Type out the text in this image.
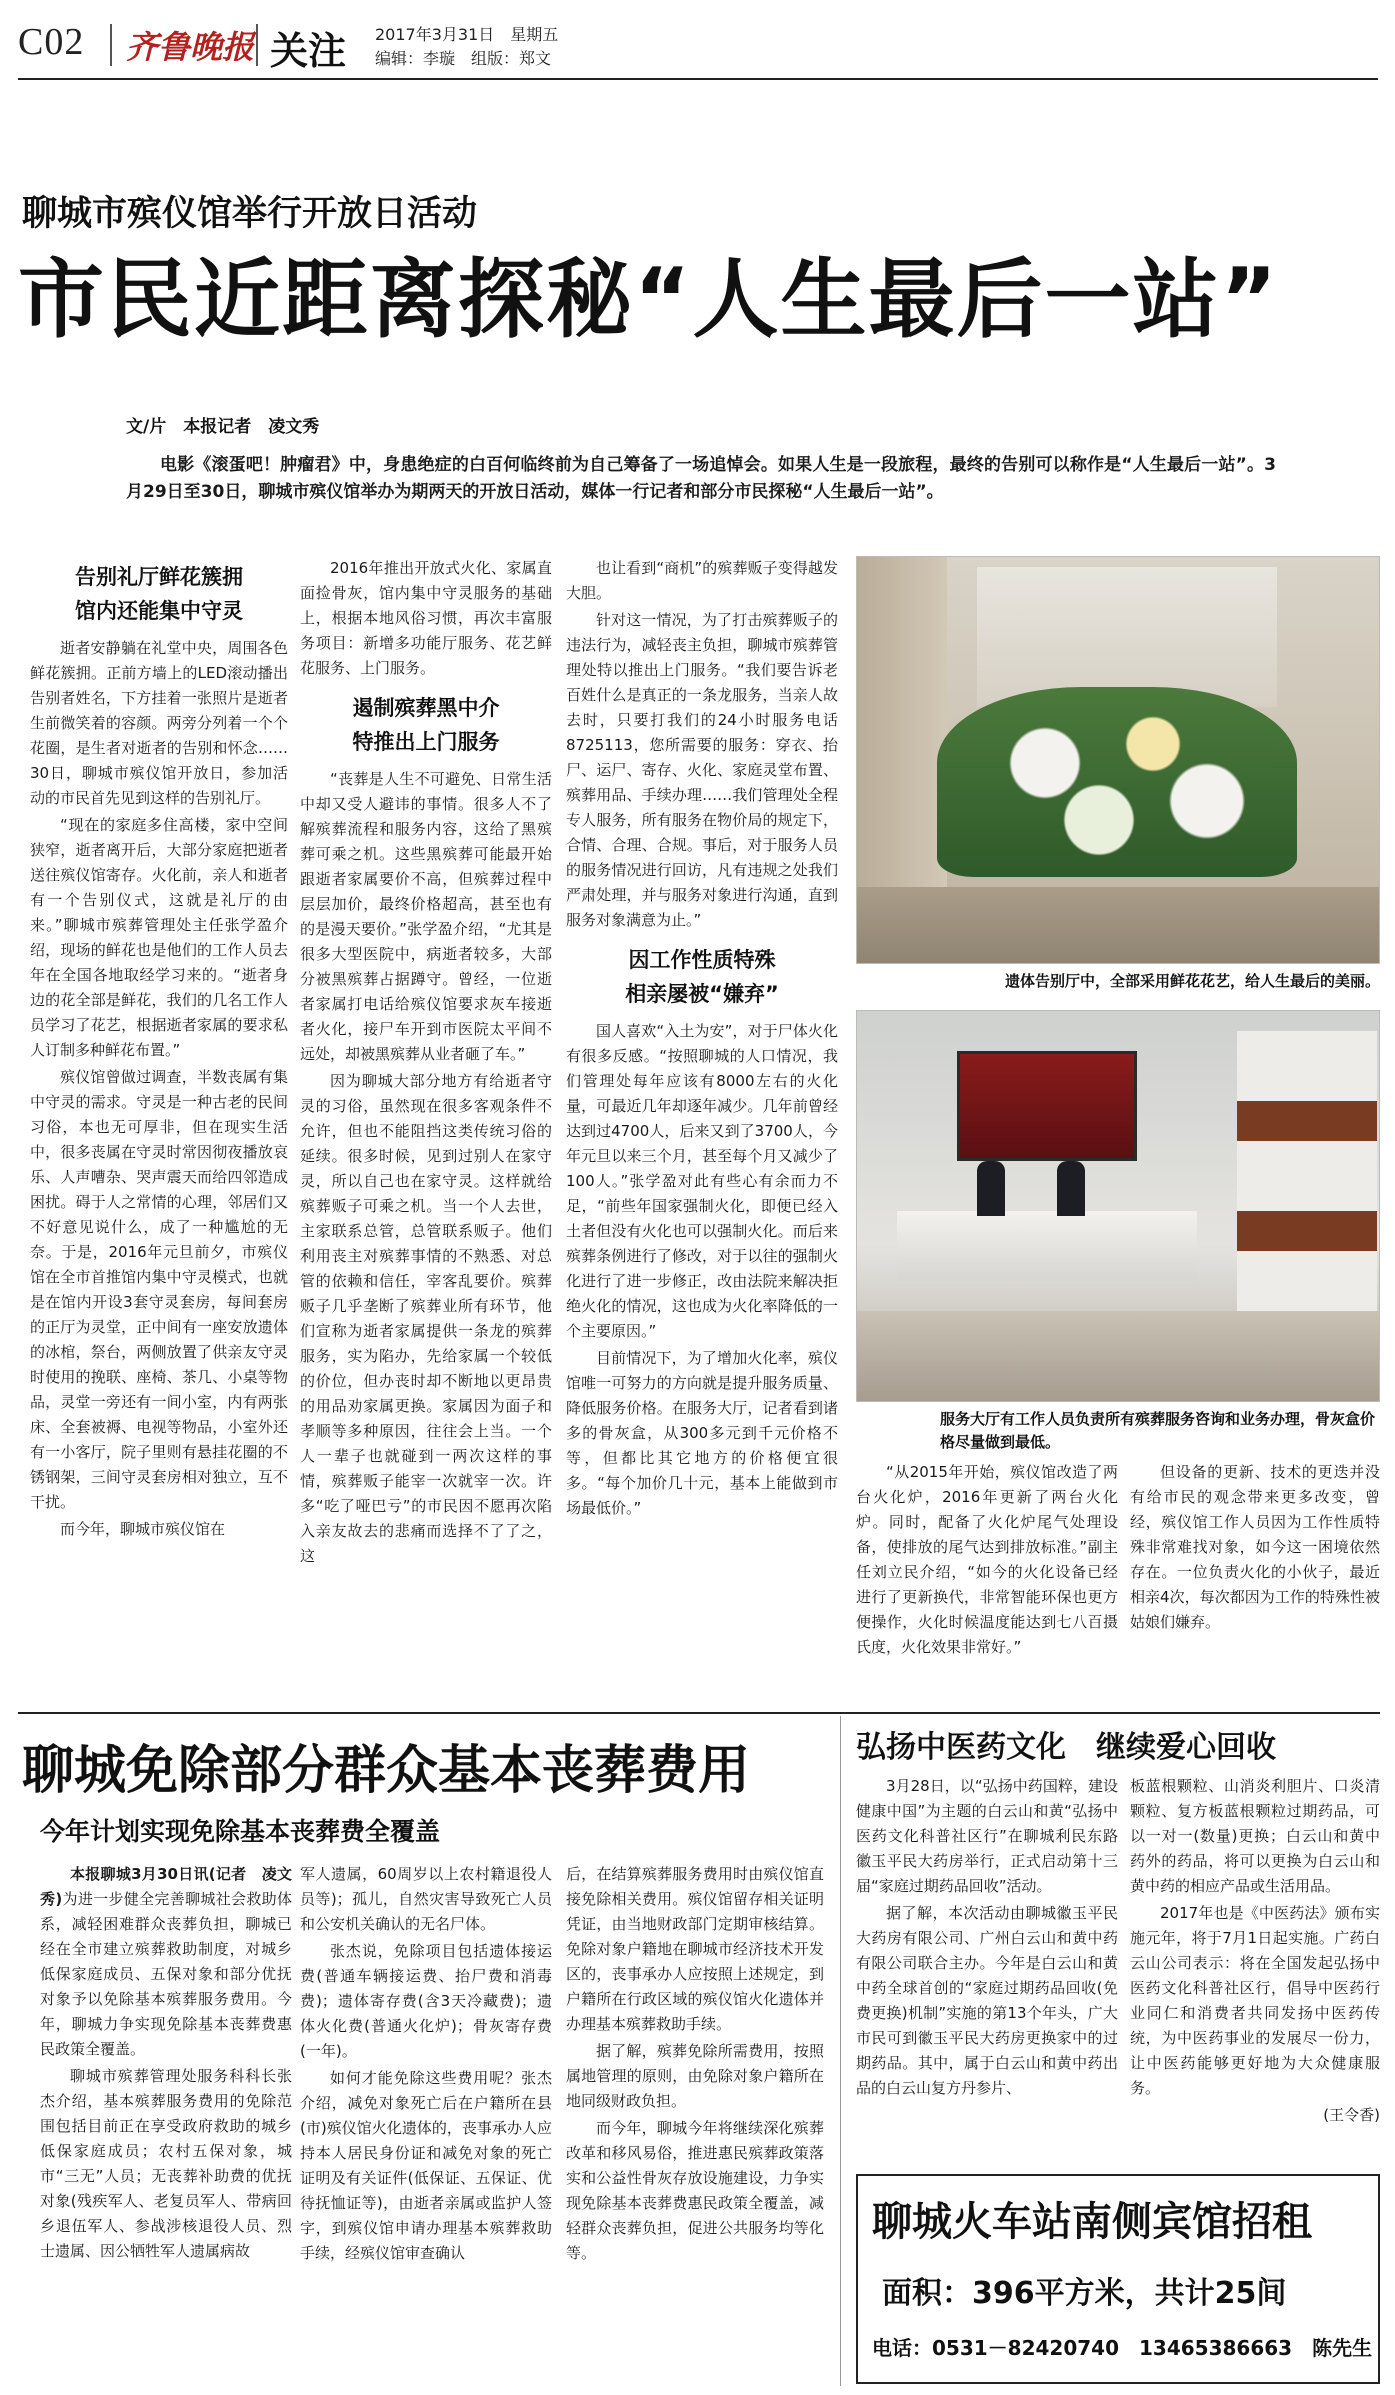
C02 齐鲁晚报 关注 2017年3月31日　星期五
编辑：李璇　组版：郑文
聊城市殡仪馆举行开放日活动
市民近距离探秘“人生最后一站”
文/片　本报记者　凌文秀
电影《滚蛋吧！肿瘤君》中，身患绝症的白百何临终前为自己筹备了一场追悼会。如果人生是一段旅程，最终的告别可以称作是“人生最后一站”。3月29日至30日，聊城市殡仪馆举办为期两天的开放日活动，媒体一行记者和部分市民探秘“人生最后一站”。
告别礼厅鲜花簇拥
馆内还能集中守灵

逝者安静躺在礼堂中央，周围各色鲜花簇拥。正前方墙上的LED滚动播出告别者姓名，下方挂着一张照片是逝者生前微笑着的容颜。两旁分列着一个个花圈，是生者对逝者的告别和怀念……30日，聊城市殡仪馆开放日，参加活动的市民首先见到这样的告别礼厅。

“现在的家庭多住高楼，家中空间狭窄，逝者离开后，大部分家庭把逝者送往殡仪馆寄存。火化前，亲人和逝者有一个告别仪式，这就是礼厅的由来。”聊城市殡葬管理处主任张学盈介绍，现场的鲜花也是他们的工作人员去年在全国各地取经学习来的。“逝者身边的花全部是鲜花，我们的几名工作人员学习了花艺，根据逝者家属的要求私人订制多种鲜花布置。”

殡仪馆曾做过调查，半数丧属有集中守灵的需求。守灵是一种古老的民间习俗，本也无可厚非，但在现实生活中，很多丧属在守灵时常因彻夜播放哀乐、人声嘈杂、哭声震天而给四邻造成困扰。碍于人之常情的心理，邻居们又不好意见说什么，成了一种尴尬的无奈。于是，2016年元旦前夕，市殡仪馆在全市首推馆内集中守灵模式，也就是在馆内开设3套守灵套房，每间套房的正厅为灵堂，正中间有一座安放遗体的冰棺，祭台，两侧放置了供亲友守灵时使用的挽联、座椅、茶几、小桌等物品，灵堂一旁还有一间小室，内有两张床、全套被褥、电视等物品，小室外还有一小客厅，院子里则有悬挂花圈的不锈钢架，三间守灵套房相对独立，互不干扰。

而今年，聊城市殡仪馆在

2016年推出开放式火化、家属直面捡骨灰，馆内集中守灵服务的基础上，根据本地风俗习惯，再次丰富服务项目：新增多功能厅服务、花艺鲜花服务、上门服务。

遏制殡葬黑中介
特推出上门服务

“丧葬是人生不可避免、日常生活中却又受人避讳的事情。很多人不了解殡葬流程和服务内容，这给了黑殡葬可乘之机。这些黑殡葬可能最开始跟逝者家属要价不高，但殡葬过程中层层加价，最终价格超高，甚至也有的是漫天要价。”张学盈介绍，“尤其是很多大型医院中，病逝者较多，大部分被黑殡葬占据蹲守。曾经，一位逝者家属打电话给殡仪馆要求灰车接逝者火化，接尸车开到市医院太平间不远处，却被黑殡葬从业者砸了车。”

因为聊城大部分地方有给逝者守灵的习俗，虽然现在很多客观条件不允许，但也不能阻挡这类传统习俗的延续。很多时候，见到过别人在家守灵，所以自己也在家守灵。这样就给殡葬贩子可乘之机。当一个人去世，主家联系总管，总管联系贩子。他们利用丧主对殡葬事情的不熟悉、对总管的依赖和信任，宰客乱要价。殡葬贩子几乎垄断了殡葬业所有环节，他们宣称为逝者家属提供一条龙的殡葬服务，实为陷办，先给家属一个较低的价位，但办丧时却不断地以更昂贵的用品劝家属更换。家属因为面子和孝顺等多种原因，往往会上当。一个人一辈子也就碰到一两次这样的事情，殡葬贩子能宰一次就宰一次。许多“吃了哑巴亏”的市民因不愿再次陷入亲友故去的悲痛而选择不了了之，这

也让看到“商机”的殡葬贩子变得越发大胆。

针对这一情况，为了打击殡葬贩子的违法行为，减轻丧主负担，聊城市殡葬管理处特以推出上门服务。“我们要告诉老百姓什么是真正的一条龙服务，当亲人故去时，只要打我们的24小时服务电话8725113，您所需要的服务：穿衣、抬尸、运尸、寄存、火化、家庭灵堂布置、殡葬用品、手续办理……我们管理处全程专人服务，所有服务在物价局的规定下，合情、合理、合规。事后，对于服务人员的服务情况进行回访，凡有违规之处我们严肃处理，并与服务对象进行沟通，直到服务对象满意为止。”

因工作性质特殊
相亲屡被“嫌弃”

国人喜欢“入土为安”，对于尸体火化有很多反感。“按照聊城的人口情况，我们管理处每年应该有8000左右的火化量，可最近几年却逐年减少。几年前曾经达到过4700人，后来又到了3700人，今年元旦以来三个月，甚至每个月又减少了100人。”张学盈对此有些心有余而力不足，“前些年国家强制火化，即便已经入土者但没有火化也可以强制火化。而后来殡葬条例进行了修改，对于以往的强制火化进行了进一步修正，改由法院来解决拒绝火化的情况，这也成为火化率降低的一个主要原因。”

目前情况下，为了增加火化率，殡仪馆唯一可努力的方向就是提升服务质量、降低服务价格。在服务大厅，记者看到诸多的骨灰盒，从300多元到千元价格不等，但都比其它地方的价格便宜很多。“每个加价几十元，基本上能做到市场最低价。”

遗体告别厅中，全部采用鲜花花艺，给人生最后的美丽。
服务大厅有工作人员负责所有殡葬服务咨询和业务办理，骨灰盒价格尽量做到最低。

“从2015年开始，殡仪馆改造了两台火化炉，2016年更新了两台火化炉。同时，配备了火化炉尾气处理设备，使排放的尾气达到排放标准。”副主任刘立民介绍，“如今的火化设备已经进行了更新换代，非常智能环保也更方便操作，火化时候温度能达到七八百摄氏度，火化效果非常好。”

但设备的更新、技术的更迭并没有给市民的观念带来更多改变，曾经，殡仪馆工作人员因为工作性质特殊非常难找对象，如今这一困境依然存在。一位负责火化的小伙子，最近相亲4次，每次都因为工作的特殊性被姑娘们嫌弃。

聊城免除部分群众基本丧葬费用
今年计划实现免除基本丧葬费全覆盖

本报聊城3月30日讯(记者　凌文秀)为进一步健全完善聊城社会救助体系，减轻困难群众丧葬负担，聊城已经在全市建立殡葬救助制度，对城乡低保家庭成员、五保对象和部分优抚对象予以免除基本殡葬服务费用。今年，聊城力争实现免除基本丧葬费惠民政策全覆盖。

聊城市殡葬管理处服务科科长张杰介绍，基本殡葬服务费用的免除范围包括目前正在享受政府救助的城乡低保家庭成员；农村五保对象，城市“三无”人员；无丧葬补助费的优抚对象(残疾军人、老复员军人、带病回乡退伍军人、参战涉核退役人员、烈士遗属、因公牺牲军人遗属病故

军人遗属，60周岁以上农村籍退役人员等)；孤儿，自然灾害导致死亡人员和公安机关确认的无名尸体。

张杰说，免除项目包括遗体接运费(普通车辆接运费、抬尸费和消毒费)；遗体寄存费(含3天冷藏费)；遗体火化费(普通火化炉)；骨灰寄存费(一年)。

如何才能免除这些费用呢？张杰介绍，减免对象死亡后在户籍所在县(市)殡仪馆火化遗体的，丧事承办人应持本人居民身份证和减免对象的死亡证明及有关证件(低保证、五保证、优待抚恤证等)，由逝者亲属或监护人签字，到殡仪馆申请办理基本殡葬救助手续，经殡仪馆审查确认

后，在结算殡葬服务费用时由殡仪馆直接免除相关费用。殡仪馆留存相关证明凭证，由当地财政部门定期审核结算。免除对象户籍地在聊城市经济技术开发区的，丧事承办人应按照上述规定，到户籍所在行政区域的殡仪馆火化遗体并办理基本殡葬救助手续。

据了解，殡葬免除所需费用，按照属地管理的原则，由免除对象户籍所在地同级财政负担。

而今年，聊城今年将继续深化殡葬改革和移风易俗，推进惠民殡葬政策落实和公益性骨灰存放设施建设，力争实现免除基本丧葬费惠民政策全覆盖，减轻群众丧葬负担，促进公共服务均等化等。

弘扬中医药文化　继续爱心回收

3月28日，以“弘扬中药国粹，建设健康中国”为主题的白云山和黄“弘扬中医药文化科普社区行”在聊城利民东路徽玉平民大药房举行，正式启动第十三届“家庭过期药品回收”活动。

据了解，本次活动由聊城徽玉平民大药房有限公司、广州白云山和黄中药有限公司联合主办。今年是白云山和黄中药全球首创的“家庭过期药品回收(免费更换)机制”实施的第13个年头，广大市民可到徽玉平民大药房更换家中的过期药品。其中，属于白云山和黄中药出品的白云山复方丹参片、

板蓝根颗粒、山消炎利胆片、口炎清颗粒、复方板蓝根颗粒过期药品，可以一对一(数量)更换；白云山和黄中药外的药品，将可以更换为白云山和黄中药的相应产品或生活用品。

2017年也是《中医药法》颁布实施元年，将于7月1日起实施。广药白云山公司表示：将在全国发起弘扬中医药文化科普社区行，倡导中医药行业同仁和消费者共同发扬中医药传统，为中医药事业的发展尽一份力，让中医药能够更好地为大众健康服务。

(王令香)
聊城火车站南侧宾馆招租
面积：396平方米，共计25间
电话：0531－82420740　13465386663　陈先生
